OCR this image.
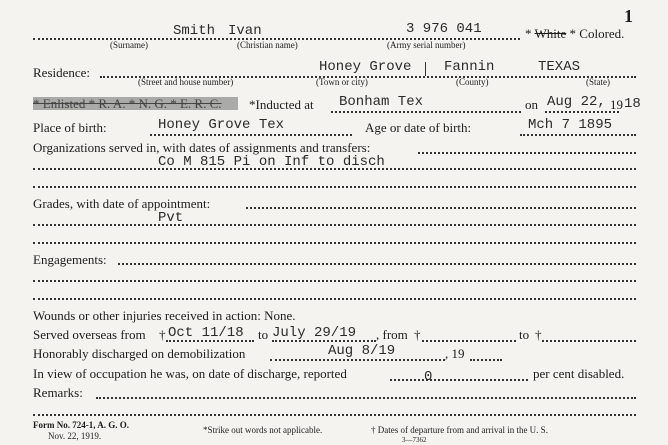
1
Smith Ivan	3 976 041
(Surname)	(Christian name)	(Army serial number)
* White * Colored.
Residence:	Honey Grove Fannin	TEXAS
(Street and house number)	(Town or city)	(County)	(State)
* Enlisted * R. A. * N. G. * E. R. C. *Inducted at Bonham Tex	on Aug 22, 19 18
Place of birth:	Honey Grove Tex	Age or date of birth:	Mch 7 1895
Organizations served in, with dates of assignments and transfers:
Co M 815 Pi on Inf to disch
Grades, with date of appointment:
Pvt
Engagements:
Wounds or other injuries received in action: None.
Served overseas from † Oct 11/18 to July 29/19 , from †	to †
Honorably discharged on demobilization	Aug 8/19	, 19
In view of occupation he was, on date of discharge, reported	0	per cent disabled.
Remarks:
Form No. 724-1, A. G. O.
Nov. 22, 1919.
*Strike out words not applicable.	† Dates of departure from and arrival in the U. S.
3—7362
